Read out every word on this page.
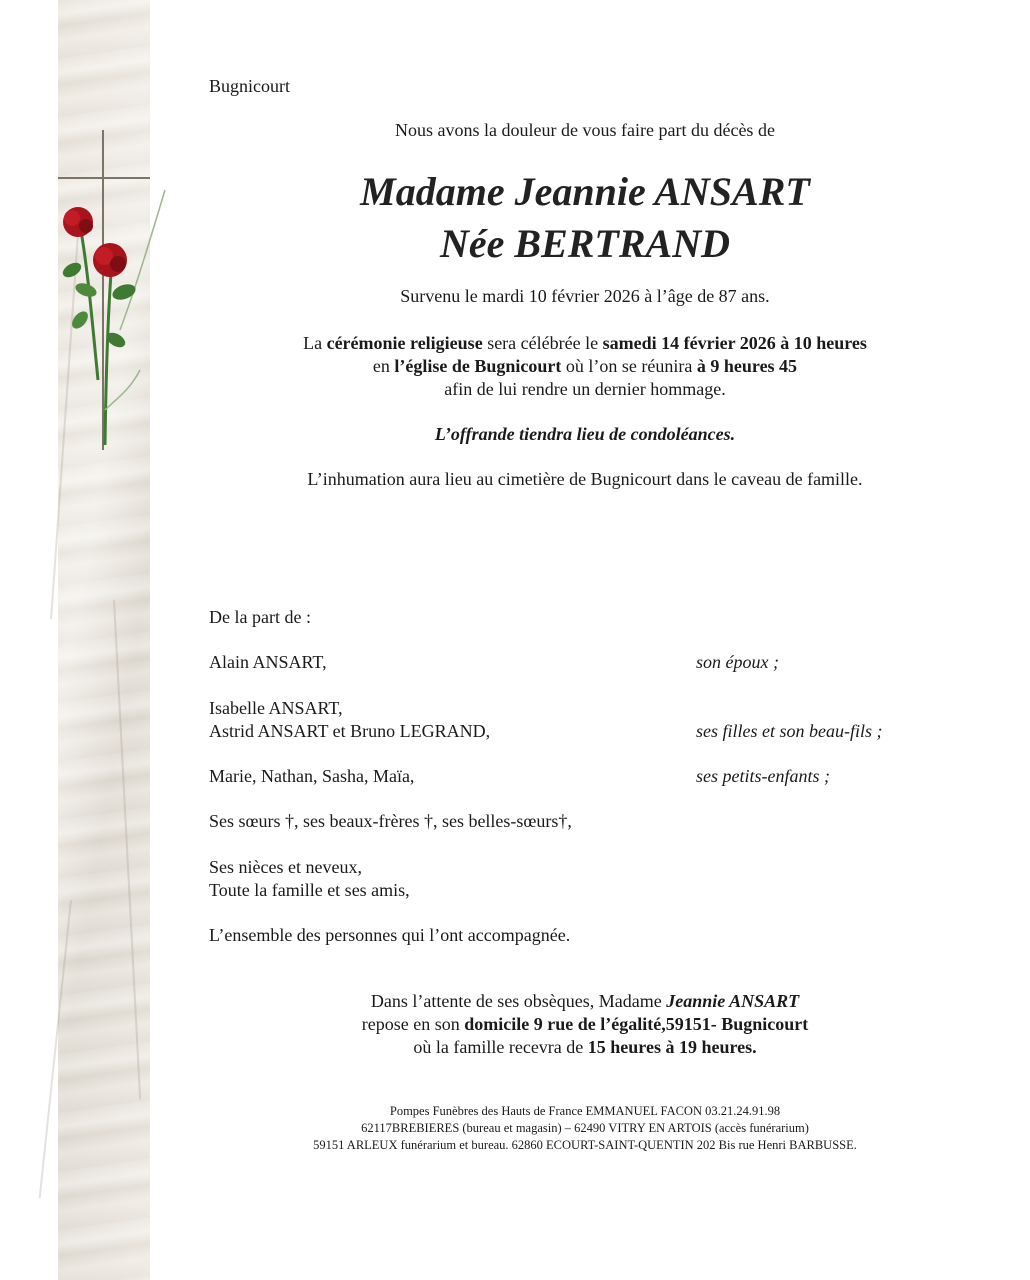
Bugnicourt
Nous avons la douleur de vous faire part du décès de
Madame Jeannie ANSART
Née BERTRAND
Survenu le mardi 10 février 2026 à l’âge de 87 ans.
La cérémonie religieuse sera célébrée le samedi 14 février 2026 à 10 heures
en l’église de Bugnicourt où l’on se réunira à 9 heures 45
afin de lui rendre un dernier hommage.
L’offrande tiendra lieu de condoléances.
L’inhumation aura lieu au cimetière de Bugnicourt dans le caveau de famille.
De la part de :
Alain ANSART,	son époux ;
Isabelle ANSART,
Astrid ANSART et Bruno LEGRAND,	ses filles et son beau-fils ;
Marie, Nathan, Sasha, Maïa,	ses petits-enfants ;
Ses sœurs †, ses beaux-frères †, ses belles-sœurs†,
Ses nièces et neveux,
Toute la famille et ses amis,
L’ensemble des personnes qui l’ont accompagnée.
Dans l’attente de ses obsèques, Madame Jeannie ANSART
repose en son domicile 9 rue de l’égalité,59151- Bugnicourt
où la famille recevra de 15 heures à 19 heures.
Pompes Funèbres des Hauts de France EMMANUEL FACON 03.21.24.91.98
62117BREBIERES (bureau et magasin) – 62490 VITRY EN ARTOIS (accès funérarium)
59151 ARLEUX funérarium et bureau. 62860 ECOURT-SAINT-QUENTIN 202 Bis rue Henri BARBUSSE.
